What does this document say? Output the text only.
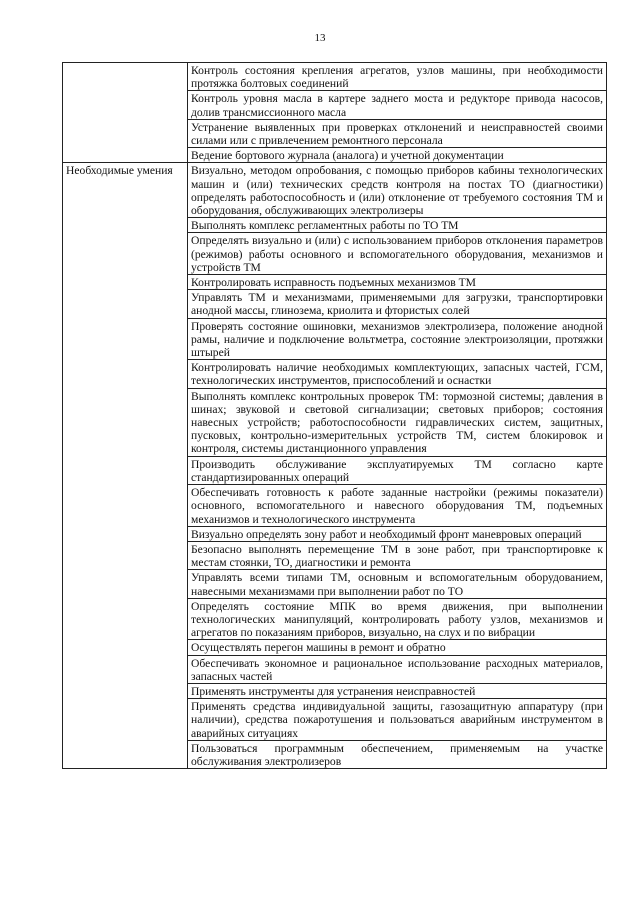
13
	Контроль состояния крепления агрегатов, узлов машины, при необходимости протяжка болтовых соединений
	Контроль уровня масла в картере заднего моста и редукторе привода насосов, долив трансмиссионного масла
	Устранение выявленных при проверках отклонений и неисправностей своими силами или с привлечением ремонтного персонала
	Ведение бортового журнала (аналога) и учетной документации
Необходимые умения	Визуально, методом опробования, с помощью приборов кабины технологических машин и (или) технических средств контроля на постах ТО (диагностики) определять работоспособность и (или) отклонение от требуемого состояния ТМ и оборудования, обслуживающих электролизеры
	Выполнять комплекс регламентных работы по ТО ТМ
	Определять визуально и (или) с использованием приборов отклонения параметров (режимов) работы основного и вспомогательного оборудования, механизмов и устройств ТМ
	Контролировать исправность подъемных механизмов ТМ
	Управлять ТМ и механизмами, применяемыми для загрузки, транспортировки анодной массы, глинозема, криолита и фтористых солей
	Проверять состояние ошиновки, механизмов электролизера, положение анодной рамы, наличие и подключение вольтметра, состояние электроизоляции, протяжки штырей
	Контролировать наличие необходимых комплектующих, запасных частей, ГСМ, технологических инструментов, приспособлений и оснастки
	Выполнять комплекс контрольных проверок ТМ: тормозной системы; давления в шинах; звуковой и световой сигнализации; световых приборов; состояния навесных устройств; работоспособности гидравлических систем, защитных, пусковых, контрольно-измерительных устройств ТМ, систем блокировок и контроля, системы дистанционного управления
	Производить обслуживание эксплуатируемых ТМ согласно карте стандартизированных операций
	Обеспечивать готовность к работе заданные настройки (режимы показатели) основного, вспомогательного и навесного оборудования ТМ, подъемных механизмов и технологического инструмента
	Визуально определять зону работ и необходимый фронт маневровых операций
	Безопасно выполнять перемещение ТМ в зоне работ, при транспортировке к местам стоянки, ТО, диагностики и ремонта
	Управлять всеми типами ТМ, основным и вспомогательным оборудованием, навесными механизмами при выполнении работ по ТО
	Определять состояние МПК во время движения, при выполнении технологических манипуляций, контролировать работу узлов, механизмов и агрегатов по показаниям приборов, визуально, на слух и по вибрации
	Осуществлять перегон машины в ремонт и обратно
	Обеспечивать экономное и рациональное использование расходных материалов, запасных частей
	Применять инструменты для устранения неисправностей
	Применять средства индивидуальной защиты, газозащитную аппаратуру (при наличии), средства пожаротушения и пользоваться аварийным инструментом в аварийных ситуациях
	Пользоваться программным обеспечением, применяемым на участке обслуживания электролизеров
